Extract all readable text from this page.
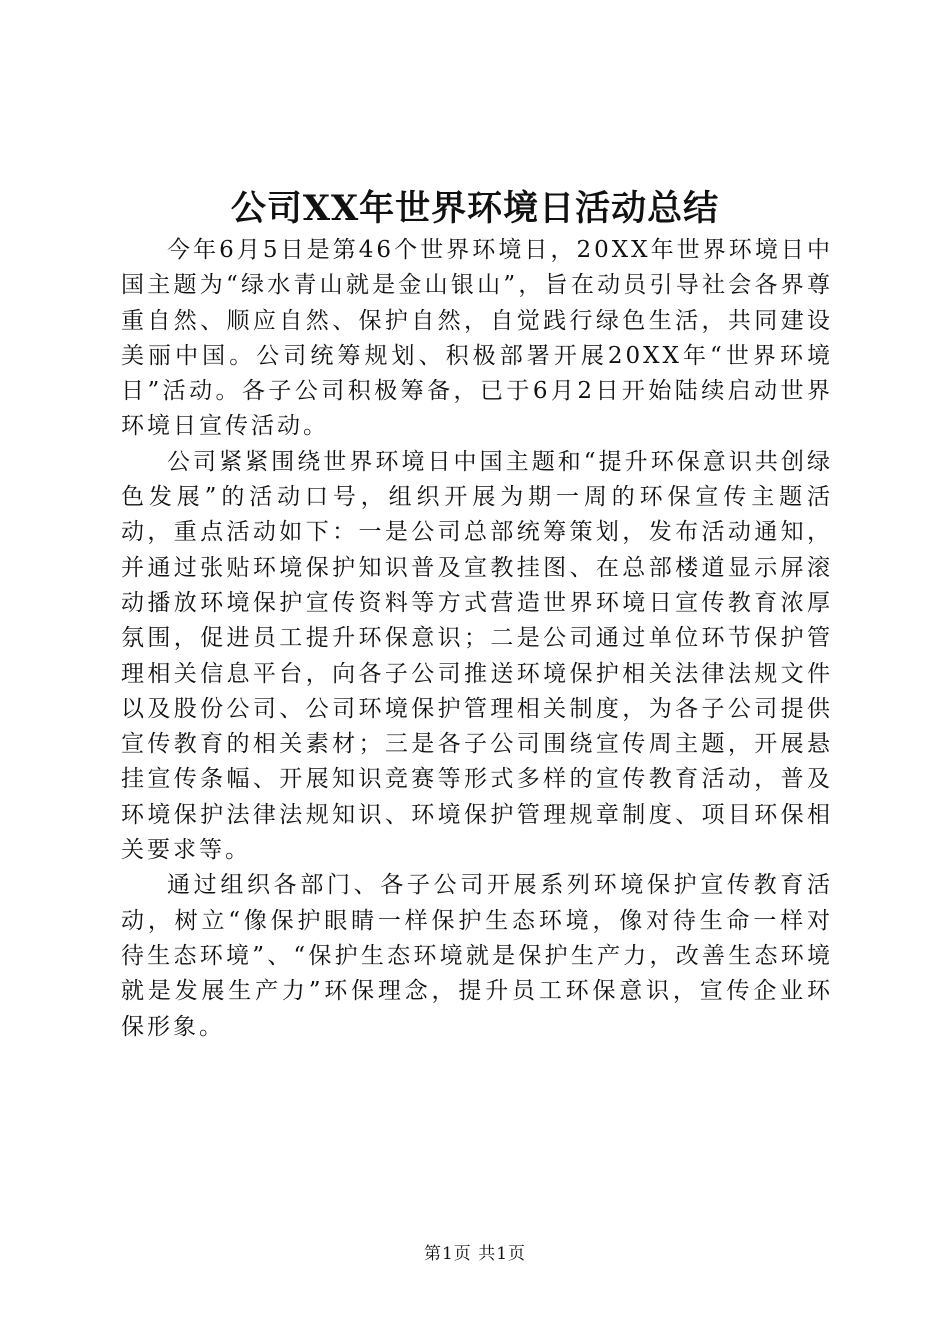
公司XX年世界环境日活动总结

今年6月5日是第46个世界环境日，20XX年世界环境日中国主题为“绿水青山就是金山银山”，旨在动员引导社会各界尊重自然、顺应自然、保护自然，自觉践行绿色生活，共同建设美丽中国。公司统筹规划、积极部署开展20XX年“世界环境日”活动。各子公司积极筹备，已于6月2日开始陆续启动世界环境日宣传活动。

公司紧紧围绕世界环境日中国主题和“提升环保意识共创绿色发展”的活动口号，组织开展为期一周的环保宣传主题活动，重点活动如下：一是公司总部统筹策划，发布活动通知，并通过张贴环境保护知识普及宣教挂图、在总部楼道显示屏滚动播放环境保护宣传资料等方式营造世界环境日宣传教育浓厚氛围，促进员工提升环保意识；二是公司通过单位环节保护管理相关信息平台，向各子公司推送环境保护相关法律法规文件以及股份公司、公司环境保护管理相关制度，为各子公司提供宣传教育的相关素材；三是各子公司围绕宣传周主题，开展悬挂宣传条幅、开展知识竞赛等形式多样的宣传教育活动，普及环境保护法律法规知识、环境保护管理规章制度、项目环保相关要求等。

通过组织各部门、各子公司开展系列环境保护宣传教育活动，树立“像保护眼睛一样保护生态环境，像对待生命一样对待生态环境”、“保护生态环境就是保护生产力，改善生态环境就是发展生产力”环保理念，提升员工环保意识，宣传企业环保形象。

第1页 共1页
